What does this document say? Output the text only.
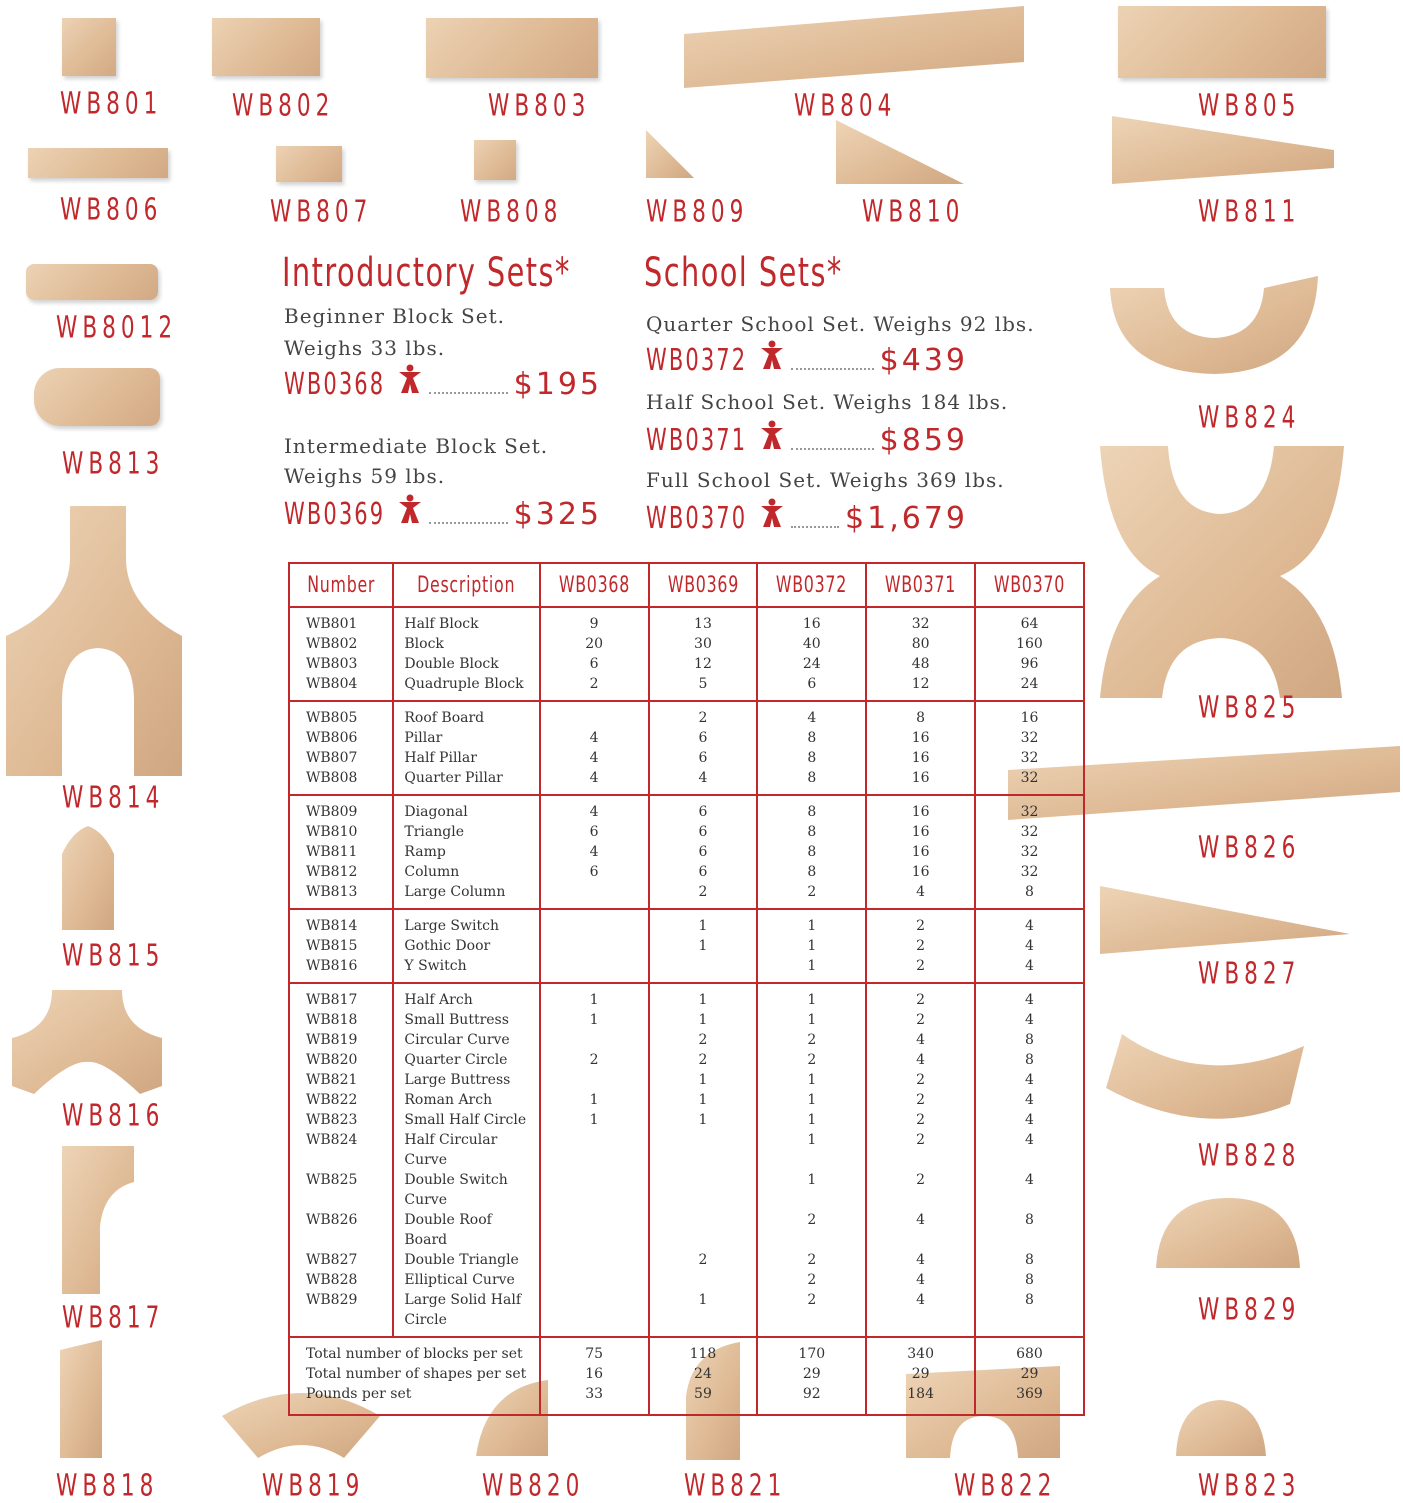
WB801	WB802	WB803	WB804	WB805
WB806	WB807	WB808	WB809	WB810	WB811
WB8012
WB813
WB814
WB815
WB816
WB817
WB818	WB819	WB820	WB821	WB822	WB823
WB824
WB825
WB826
WB827
WB828
WB829
Introductory Sets*
Beginner Block Set.
Weighs 33 lbs.
WB0368	$195
Intermediate Block Set.
Weighs 59 lbs.
WB0369	$325
School Sets*
Quarter School Set. Weighs 92 lbs.
WB0372	$439
Half School Set. Weighs 184 lbs.
WB0371	$859
Full School Set. Weighs 369 lbs.
WB0370	$1,679
Number	Description	WB0368	WB0369	WB0372	WB0371	WB0370
WB801	Half Block	9	13	16	32	64
WB802	Block	20	30	40	80	160
WB803	Double Block	6	12	24	48	96
WB804	Quadruple Block	2	5	6	12	24
WB805	Roof Board		2	4	8	16
WB806	Pillar	4	6	8	16	32
WB807	Half Pillar	4	6	8	16	32
WB808	Quarter Pillar	4	4	8	16	32
WB809	Diagonal	4	6	8	16	32
WB810	Triangle	6	6	8	16	32
WB811	Ramp	4	6	8	16	32
WB812	Column	6	6	8	16	32
WB813	Large Column		2	2	4	8
WB814	Large Switch		1	1	2	4
WB815	Gothic Door		1	1	2	4
WB816	Y Switch			1	2	4
WB817	Half Arch	1	1	1	2	4
WB818	Small Buttress	1	1	1	2	4
WB819	Circular Curve		2	2	4	8
WB820	Quarter Circle	2	2	2	4	8
WB821	Large Buttress		1	1	2	4
WB822	Roman Arch	1	1	1	2	4
WB823	Small Half Circle	1	1	1	2	4
WB824	Half Circular Curve			1	2	4
WB825	Double Switch Curve			1	2	4
WB826	Double Roof Board			2	4	8
WB827	Double Triangle		2	2	4	8
WB828	Elliptical Curve			2	4	8
WB829	Large Solid Half Circle		1	2	4	8
Total number of blocks per set		75	118	170	340	680
Total number of shapes per set		16	24	29	29	29
Pounds per set		33	59	92	184	369
